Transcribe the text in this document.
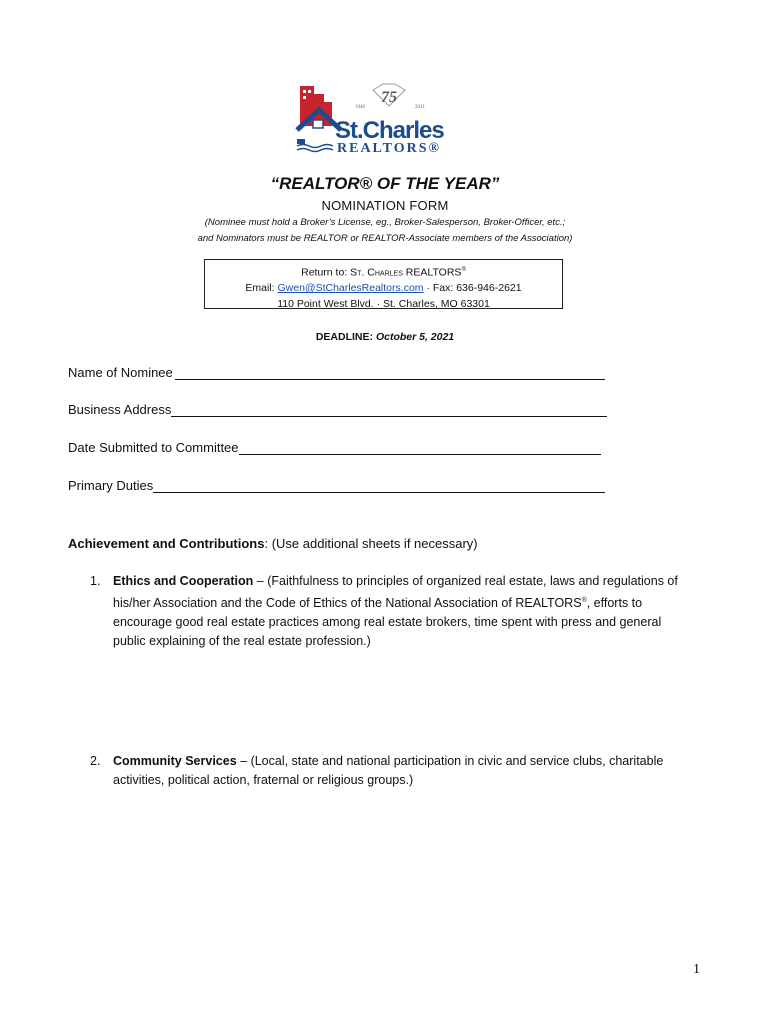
75
1946	2021
St.Charles
REALTORS®
“REALTOR® OF THE YEAR”
NOMINATION FORM
(Nominee must hold a Broker’s License, eg., Broker-Salesperson, Broker-Officer, etc.;
and Nominators must be REALTOR or REALTOR-Associate members of the Association)
Return to: St. Charles REALTORS®
Email: Gwen@StCharlesRealtors.com · Fax: 636-946-2621
110 Point West Blvd. · St. Charles, MO 63301
DEADLINE: October 5, 2021
Name of Nominee
Business Address
Date Submitted to Committee
Primary Duties
Achievement and Contributions: (Use additional sheets if necessary)
1. Ethics and Cooperation – (Faithfulness to principles of organized real estate, laws and regulations of his/her Association and the Code of Ethics of the National Association of REALTORS®, efforts to encourage good real estate practices among real estate brokers, time spent with press and general public explaining of the real estate profession.)
2. Community Services – (Local, state and national participation in civic and service clubs, charitable activities, political action, fraternal or religious groups.)
1
